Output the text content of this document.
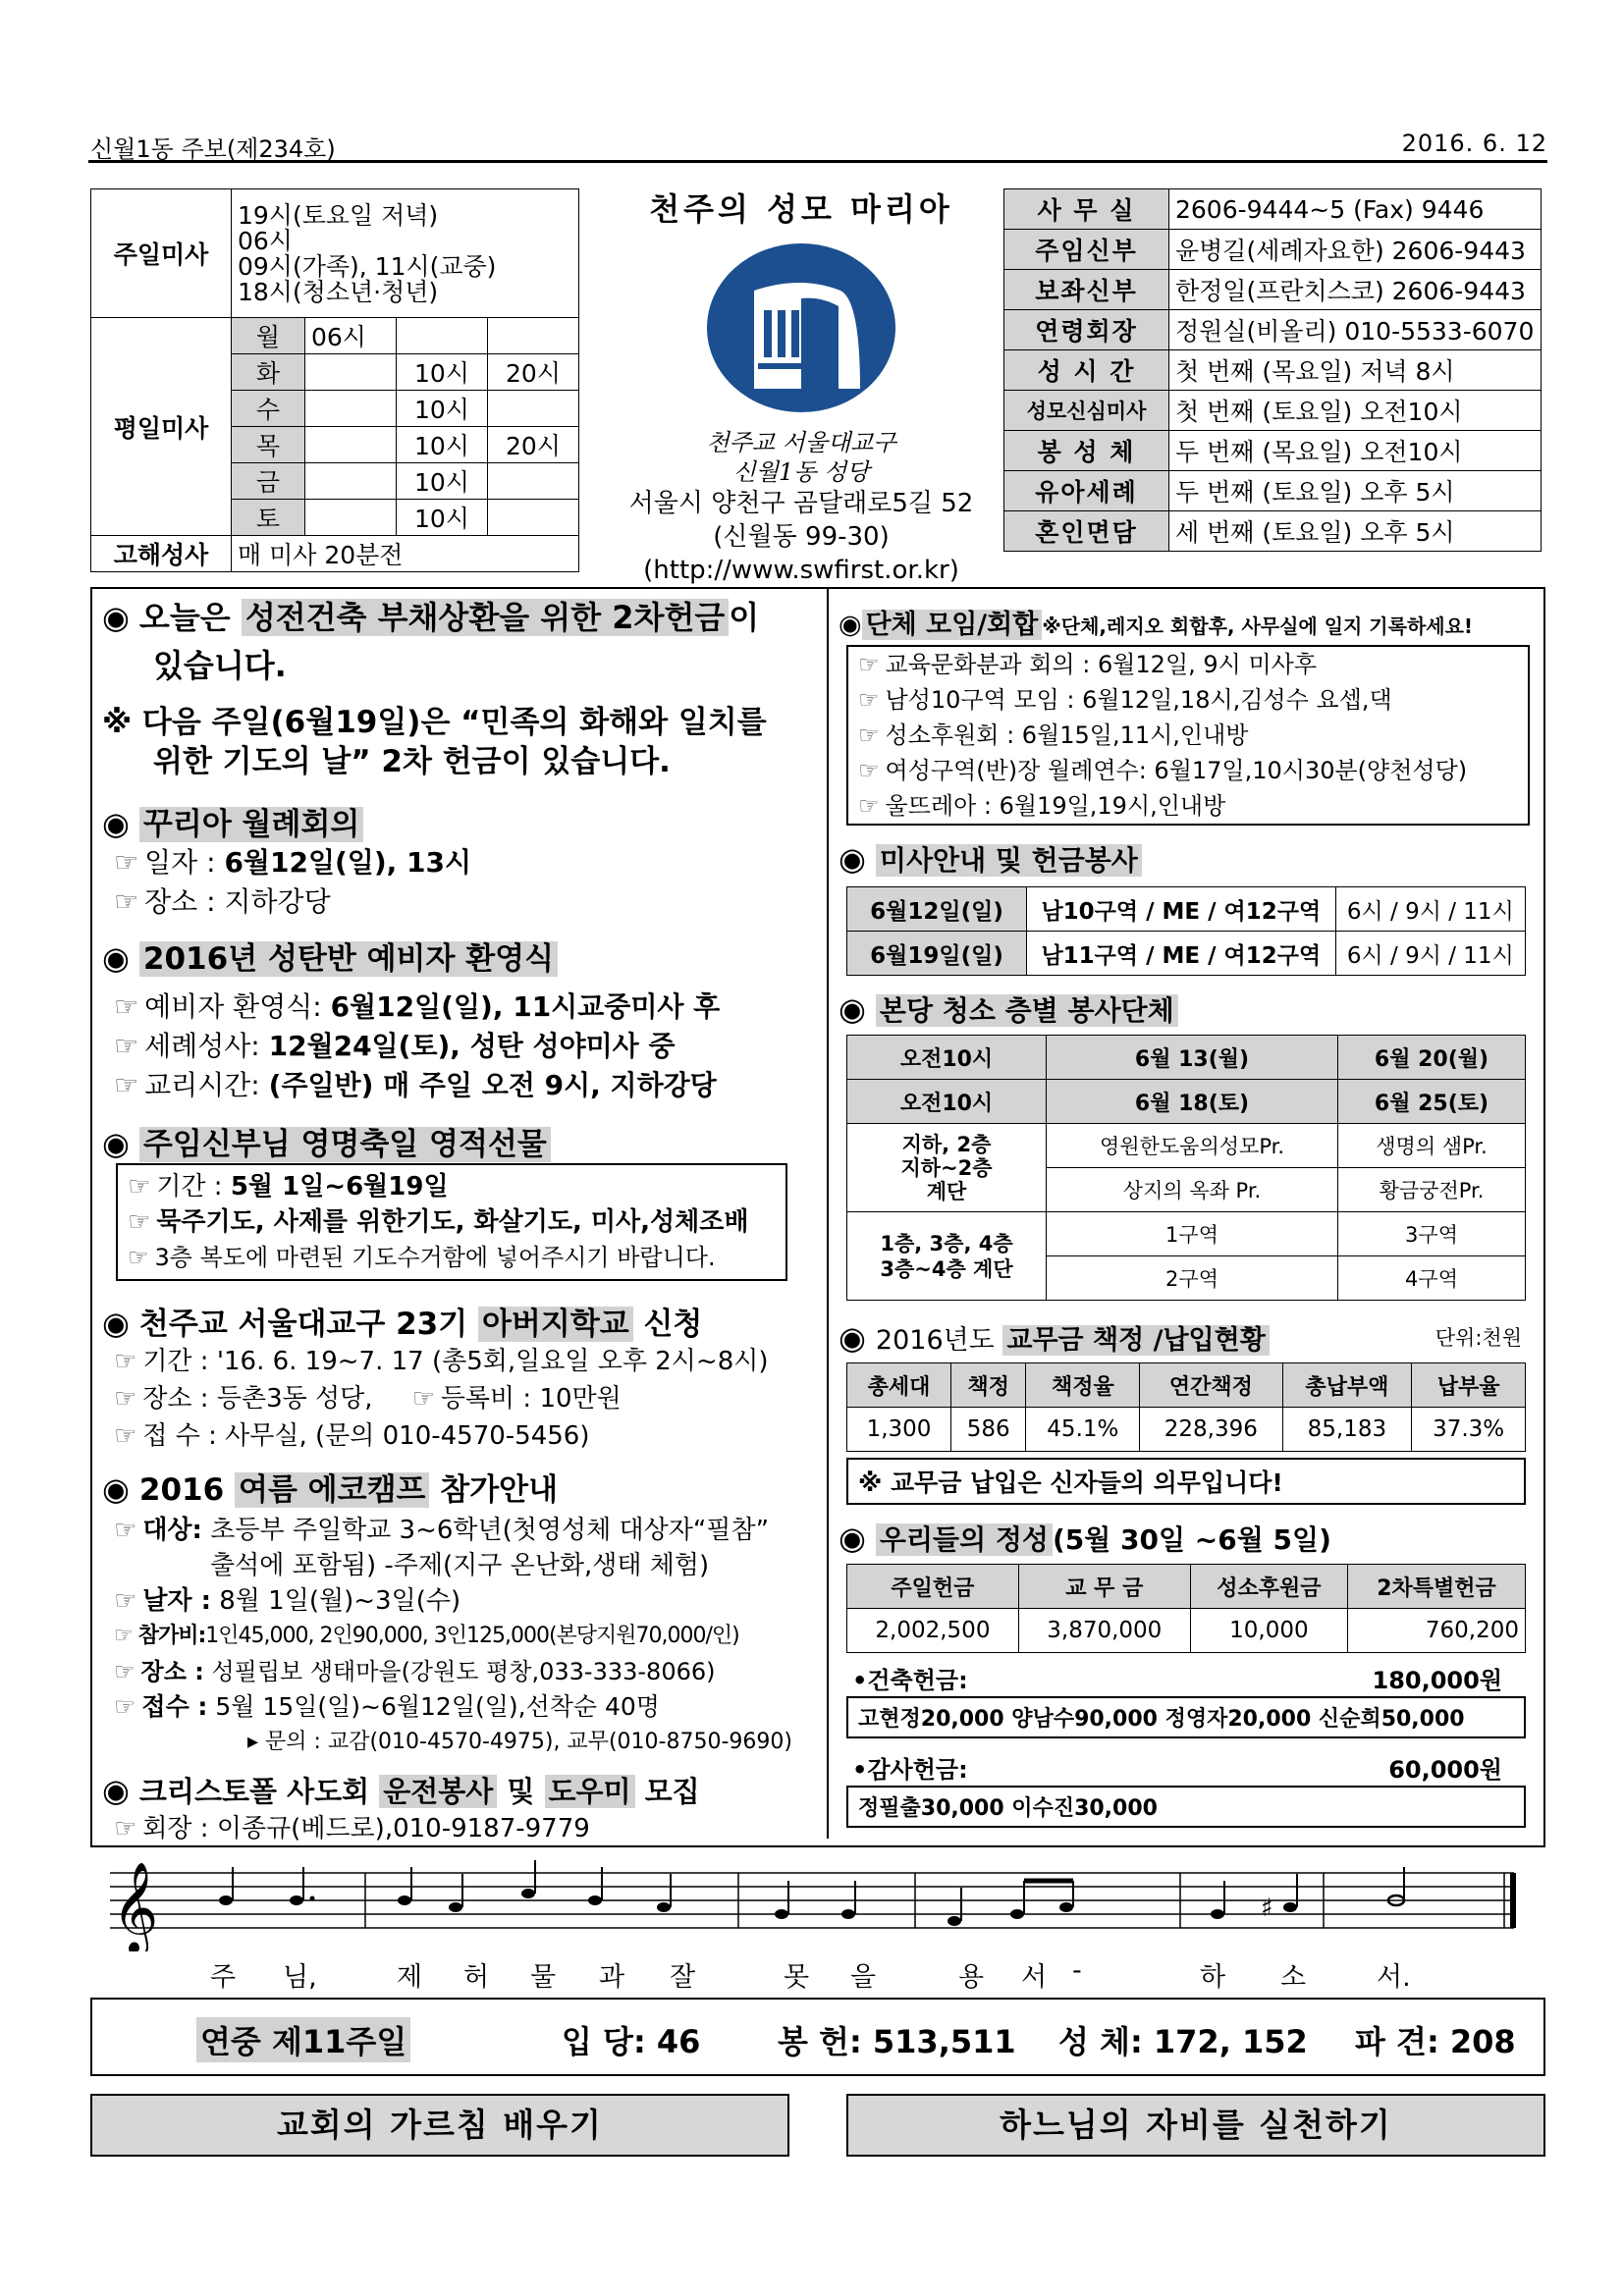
신월1동 주보(제234호)	2016. 6. 12
주일미사	19시(토요일 저녁)
06시
09시(가족), 11시(교중)
18시(청소년·청년)			

평일미사	월	06시		
	화		10시	20시
	수		10시	
	목		10시	20시
	금		10시	
	토		10시	
고해성사	매 미사 20분전			
천주의 성모 마리아
천주교 서울대교구
신월1동 성당
서울시 양천구 곰달래로5길 52
(신월동 99-30)
(http://www.swfirst.or.kr)
사 무 실	2606-9444~5 (Fax) 9446
주임신부	윤병길(세례자요한) 2606-9443
보좌신부	한정일(프란치스코) 2606-9443
연령회장	정원실(비올리) 010-5533-6070
성 시 간	첫 번째 (목요일) 저녁 8시
성모신심미사	첫 번째 (토요일) 오전10시
봉 성 체	두 번째 (목요일) 오전10시
유아세례	두 번째 (토요일) 오후 5시
혼인면담	세 번째 (토요일) 오후 5시
◉ 오늘은 성전건축 부채상환을 위한 2차헌금 이
있습니다.
※ 다음 주일(6월19일)은 “민족의 화해와 일치를
위한 기도의 날” 2차 헌금이 있습니다.
◉ 꾸리아 월례회의
☞ 일자 : 6월12일(일), 13시
☞ 장소 : 지하강당
◉ 2016년 성탄반 예비자 환영식
☞ 예비자 환영식: 6월12일(일), 11시교중미사 후
☞ 세례성사: 12월24일(토), 성탄 성야미사 중
☞ 교리시간: (주일반) 매 주일 오전 9시, 지하강당
◉ 주임신부님 영명축일 영적선물
☞ 기간 : 5월 1일~6월19일
☞ 묵주기도, 사제를 위한기도, 화살기도, 미사,성체조배
☞ 3층 복도에 마련된 기도수거함에 넣어주시기 바랍니다.
◉ 천주교 서울대교구 23기 아버지학교 신청
☞ 기간 : '16. 6. 19~7. 17 (총5회,일요일 오후 2시~8시)
☞ 장소 : 등촌3동 성당, ☞ 등록비 : 10만원
☞ 접 수 : 사무실, (문의 010-4570-5456)
◉ 2016 여름 에코캠프 참가안내
☞ 대상: 초등부 주일학교 3~6학년(첫영성체 대상자“필참”
출석에 포함됨) -주제(지구 온난화,생태 체험)
☞ 날자 : 8월 1일(월)~3일(수)
☞ 참가비:1인45,000, 2인90,000, 3인125,000(본당지원70,000/인)
☞ 장소 : 성필립보 생태마을(강원도 평창,033-333-8066)
☞ 접수 : 5월 15일(일)~6월12일(일),선착순 40명
▸ 문의 : 교감(010-4570-4975), 교무(010-8750-9690)
◉ 크리스토폴 사도회 운전봉사 및 도우미 모집
☞ 회장 : 이종규(베드로),010-9187-9779
◉ 단체 모임/회합 ※단체,레지오 회합후, 사무실에 일지 기록하세요!
☞ 교육문화분과 회의 : 6월12일, 9시 미사후
☞ 남성10구역 모임 : 6월12일,18시,김성수 요셉,댁
☞ 성소후원회 : 6월15일,11시,인내방
☞ 여성구역(반)장 월례연수: 6월17일,10시30분(양천성당)
☞ 울뜨레아 : 6월19일,19시,인내방
◉ 미사안내 및 헌금봉사
6월12일(일)	남10구역 / ME / 여12구역	6시 / 9시 / 11시
6월19일(일)	남11구역 / ME / 여12구역	6시 / 9시 / 11시
◉ 본당 청소 층별 봉사단체
오전10시	6월 13(월)	6월 20(월)
오전10시	6월 18(토)	6월 25(토)
지하, 2층
지하~2층
계단	영원한도움의성모Pr.	생명의 샘Pr.
	상지의 옥좌 Pr.	황금궁전Pr.
1층, 3층, 4층
3층~4층 계단	1구역	3구역
	2구역	4구역
◉ 2016년도 교무금 책정 /납입현황	단위:천원
총세대	책정	책정율	연간책정	총납부액	납부율
1,300	586	45.1%	228,396	85,183	37.3%
※ 교무금 납입은 신자들의 의무입니다!
◉ 우리들의 정성 (5월 30일 ~6월 5일)
주일헌금	교 무 금	성소후원금	2차특별헌금
2,002,500	3,870,000	10,000	760,200
•건축헌금:	180,000원
고현정20,000 양남수90,000 정영자20,000 신순희50,000
•감사헌금:	60,000원
정필출30,000 이수진30,000
𝄞	♯
주 님,	제 허 물 과 잘	못 을	용 서 -	하 소	서.
연중 제11주일	입 당: 46 봉 헌: 513,511 성 체: 172, 152 파 견: 208
교회의 가르침 배우기	하느님의 자비를 실천하기
